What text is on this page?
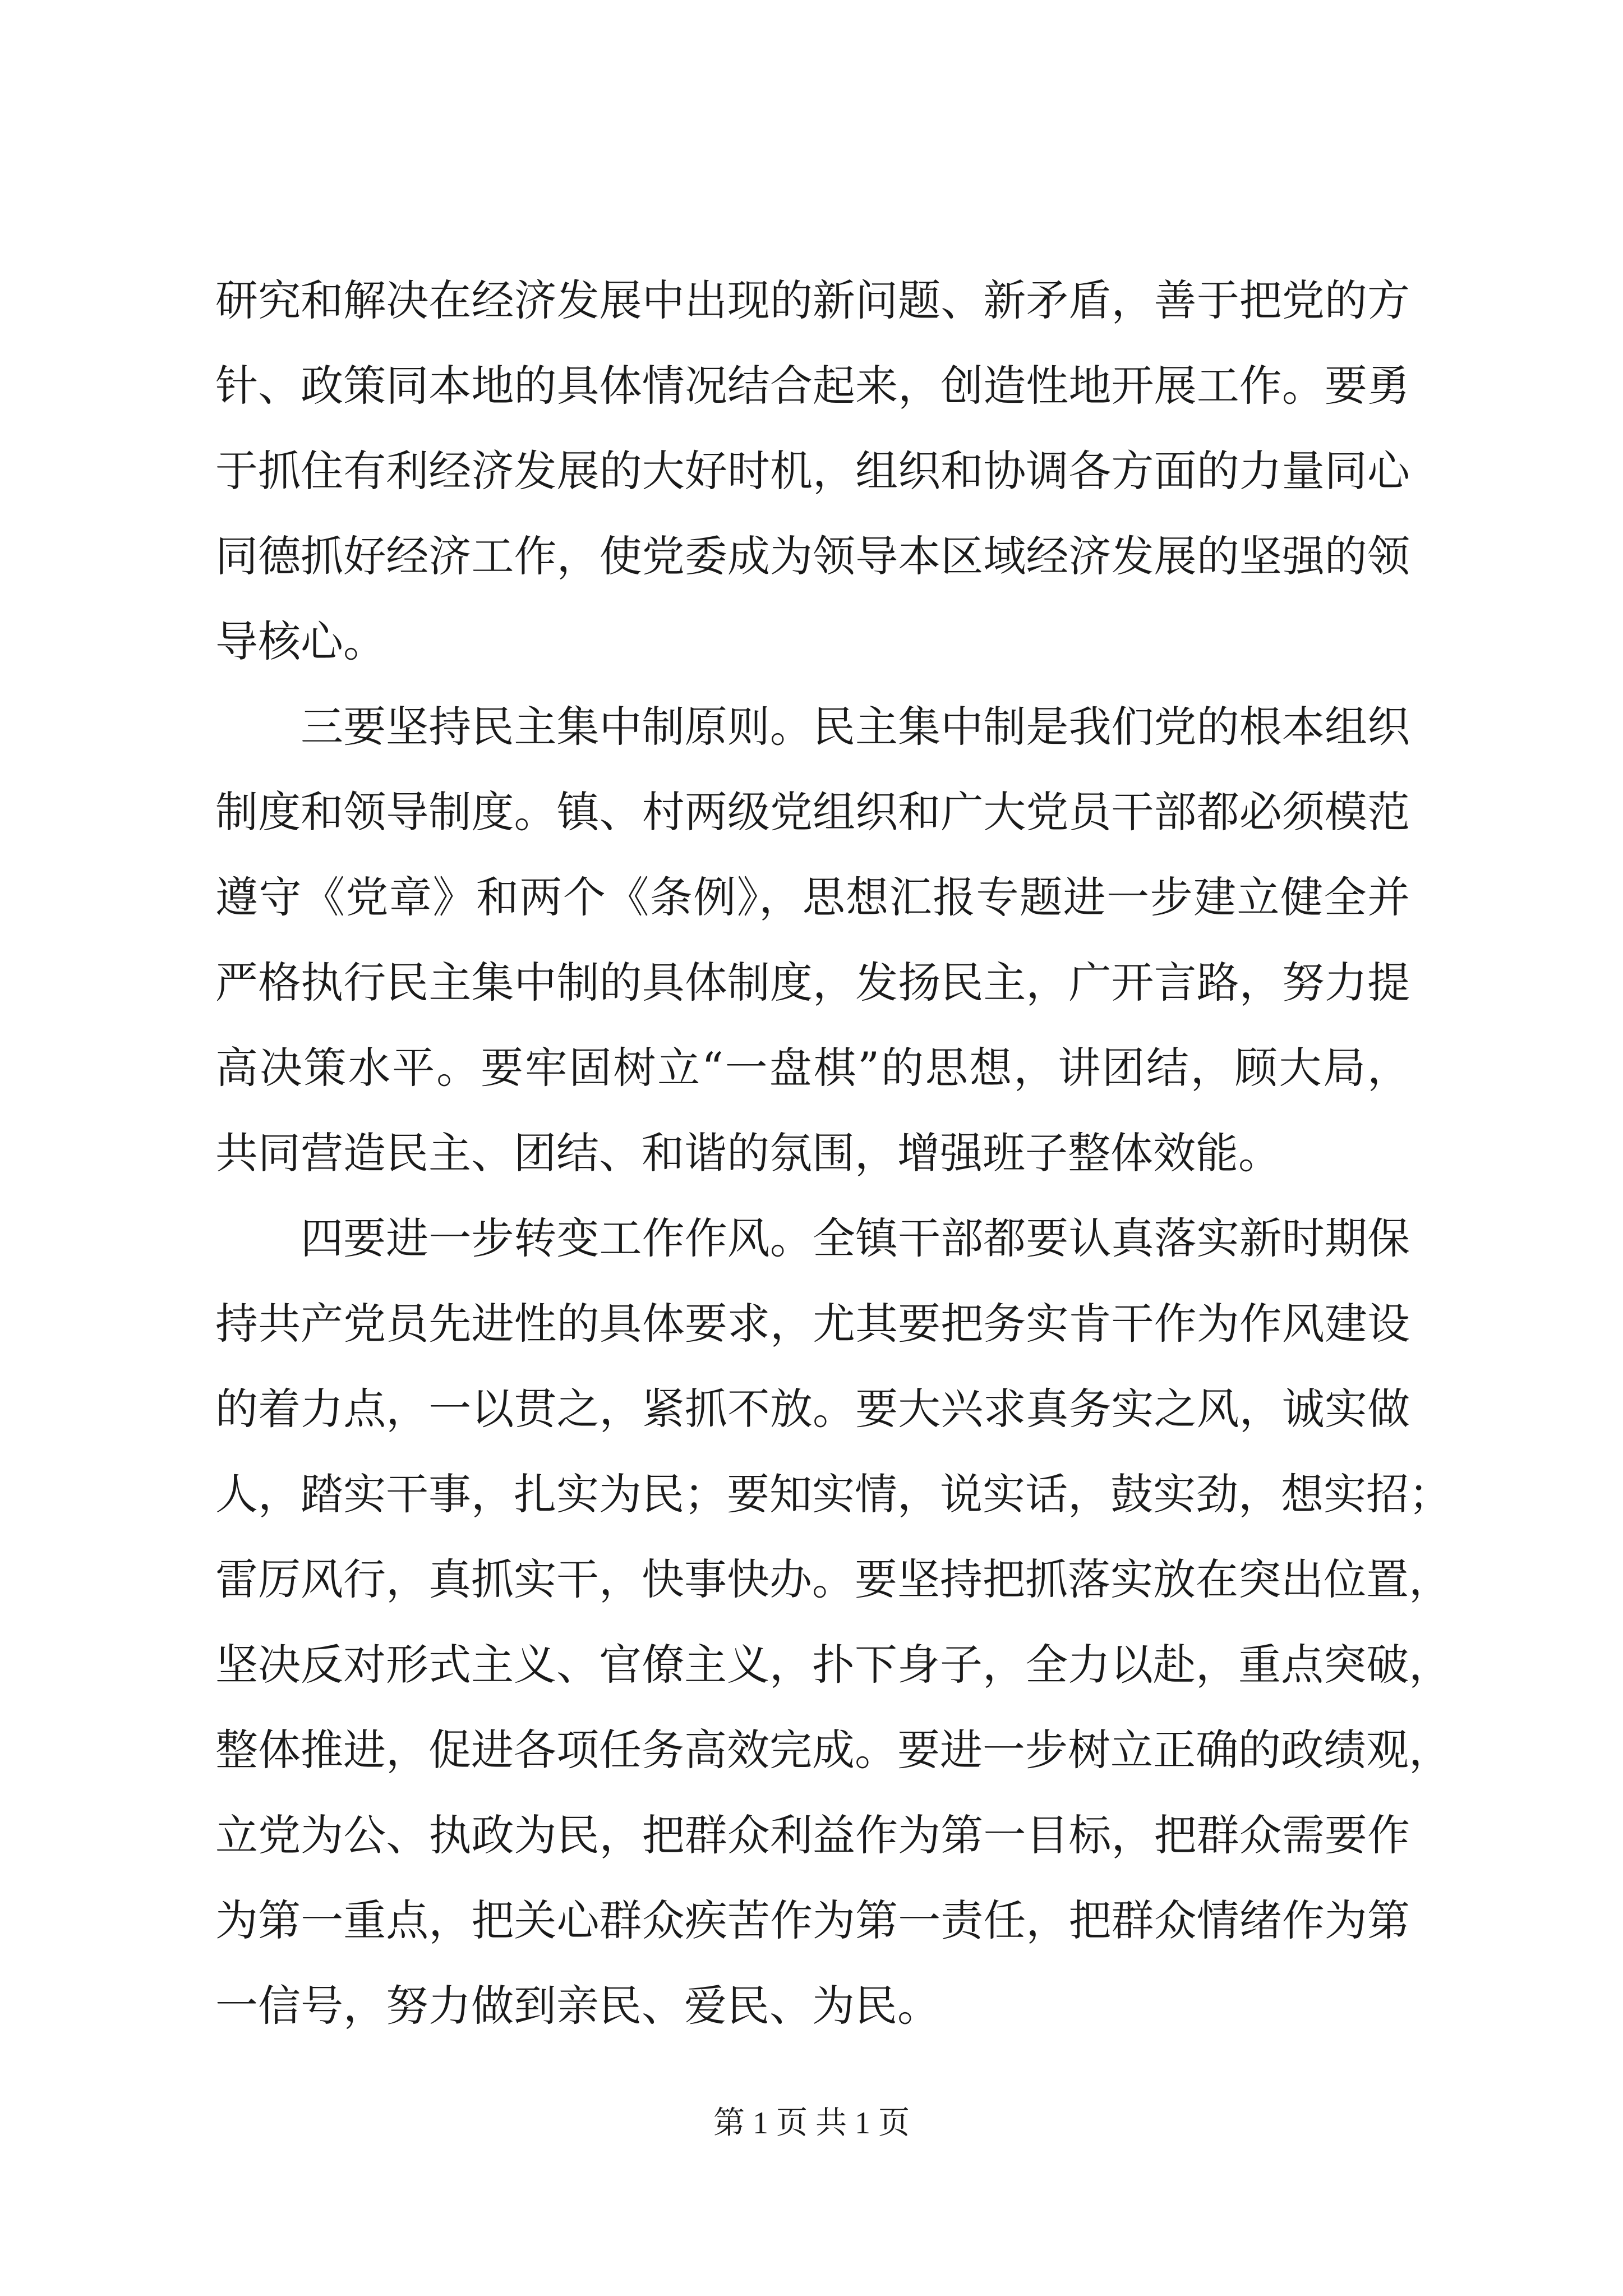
研究和解决在经济发展中出现的新问题、新矛盾，善于把党的方
针、政策同本地的具体情况结合起来，创造性地开展工作。要勇
于抓住有利经济发展的大好时机，组织和协调各方面的力量同心
同德抓好经济工作，使党委成为领导本区域经济发展的坚强的领
导核心。
三要坚持民主集中制原则。民主集中制是我们党的根本组织
制度和领导制度。镇、村两级党组织和广大党员干部都必须模范
遵守《党章》和两个《条例》，思想汇报专题进一步建立健全并
严格执行民主集中制的具体制度，发扬民主，广开言路，努力提
高决策水平。要牢固树立“一盘棋”的思想，讲团结，顾大局，
共同营造民主、团结、和谐的氛围，增强班子整体效能。
四要进一步转变工作作风。全镇干部都要认真落实新时期保
持共产党员先进性的具体要求，尤其要把务实肯干作为作风建设
的着力点，一以贯之，紧抓不放。要大兴求真务实之风，诚实做
人，踏实干事，扎实为民；要知实情，说实话，鼓实劲，想实招；
雷厉风行，真抓实干，快事快办。要坚持把抓落实放在突出位置，
坚决反对形式主义、官僚主义，扑下身子，全力以赴，重点突破，
整体推进，促进各项任务高效完成。要进一步树立正确的政绩观，
立党为公、执政为民，把群众利益作为第一目标，把群众需要作
为第一重点，把关心群众疾苦作为第一责任，把群众情绪作为第
一信号，努力做到亲民、爱民、为民。
第 1 页 共 1 页
